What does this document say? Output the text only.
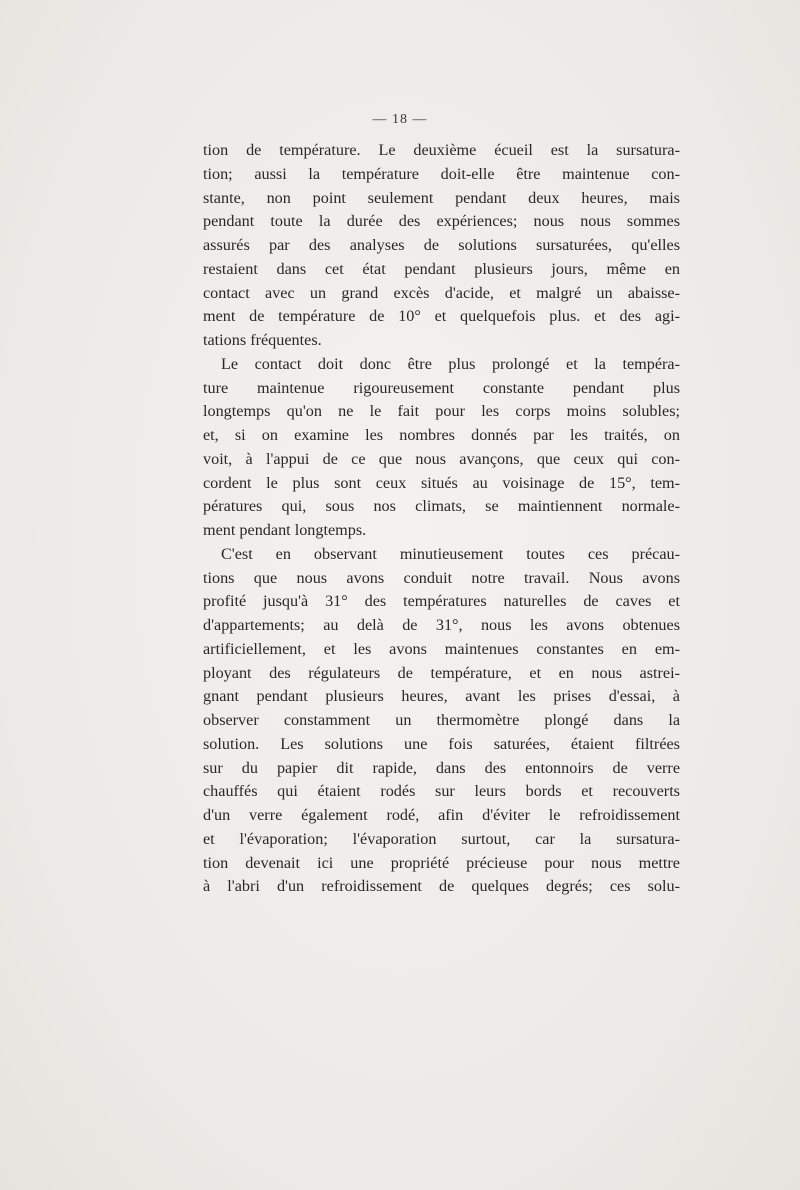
— 18 —
tion de température. Le deuxième écueil est la sursatura-
tion; aussi la température doit-elle être maintenue con-
stante, non point seulement pendant deux heures, mais
pendant toute la durée des expériences; nous nous sommes
assurés par des analyses de solutions sursaturées, qu'elles
restaient dans cet état pendant plusieurs jours, même en
contact avec un grand excès d'acide, et malgré un abaisse-
ment de température de 10° et quelquefois plus. et des agi-
tations fréquentes.
Le contact doit donc être plus prolongé et la tempéra-
ture maintenue rigoureusement constante pendant plus
longtemps qu'on ne le fait pour les corps moins solubles;
et, si on examine les nombres donnés par les traités, on
voit, à l'appui de ce que nous avançons, que ceux qui con-
cordent le plus sont ceux situés au voisinage de 15°, tem-
pératures qui, sous nos climats, se maintiennent normale-
ment pendant longtemps.
C'est en observant minutieusement toutes ces précau-
tions que nous avons conduit notre travail. Nous avons
profité jusqu'à 31° des températures naturelles de caves et
d'appartements; au delà de 31°, nous les avons obtenues
artificiellement, et les avons maintenues constantes en em-
ployant des régulateurs de température, et en nous astrei-
gnant pendant plusieurs heures, avant les prises d'essai, à
observer constamment un thermomètre plongé dans la
solution. Les solutions une fois saturées, étaient filtrées
sur du papier dit rapide, dans des entonnoirs de verre
chauffés qui étaient rodés sur leurs bords et recouverts
d'un verre également rodé, afin d'éviter le refroidissement
et l'évaporation; l'évaporation surtout, car la sursatura-
tion devenait ici une propriété précieuse pour nous mettre
à l'abri d'un refroidissement de quelques degrés; ces solu-
